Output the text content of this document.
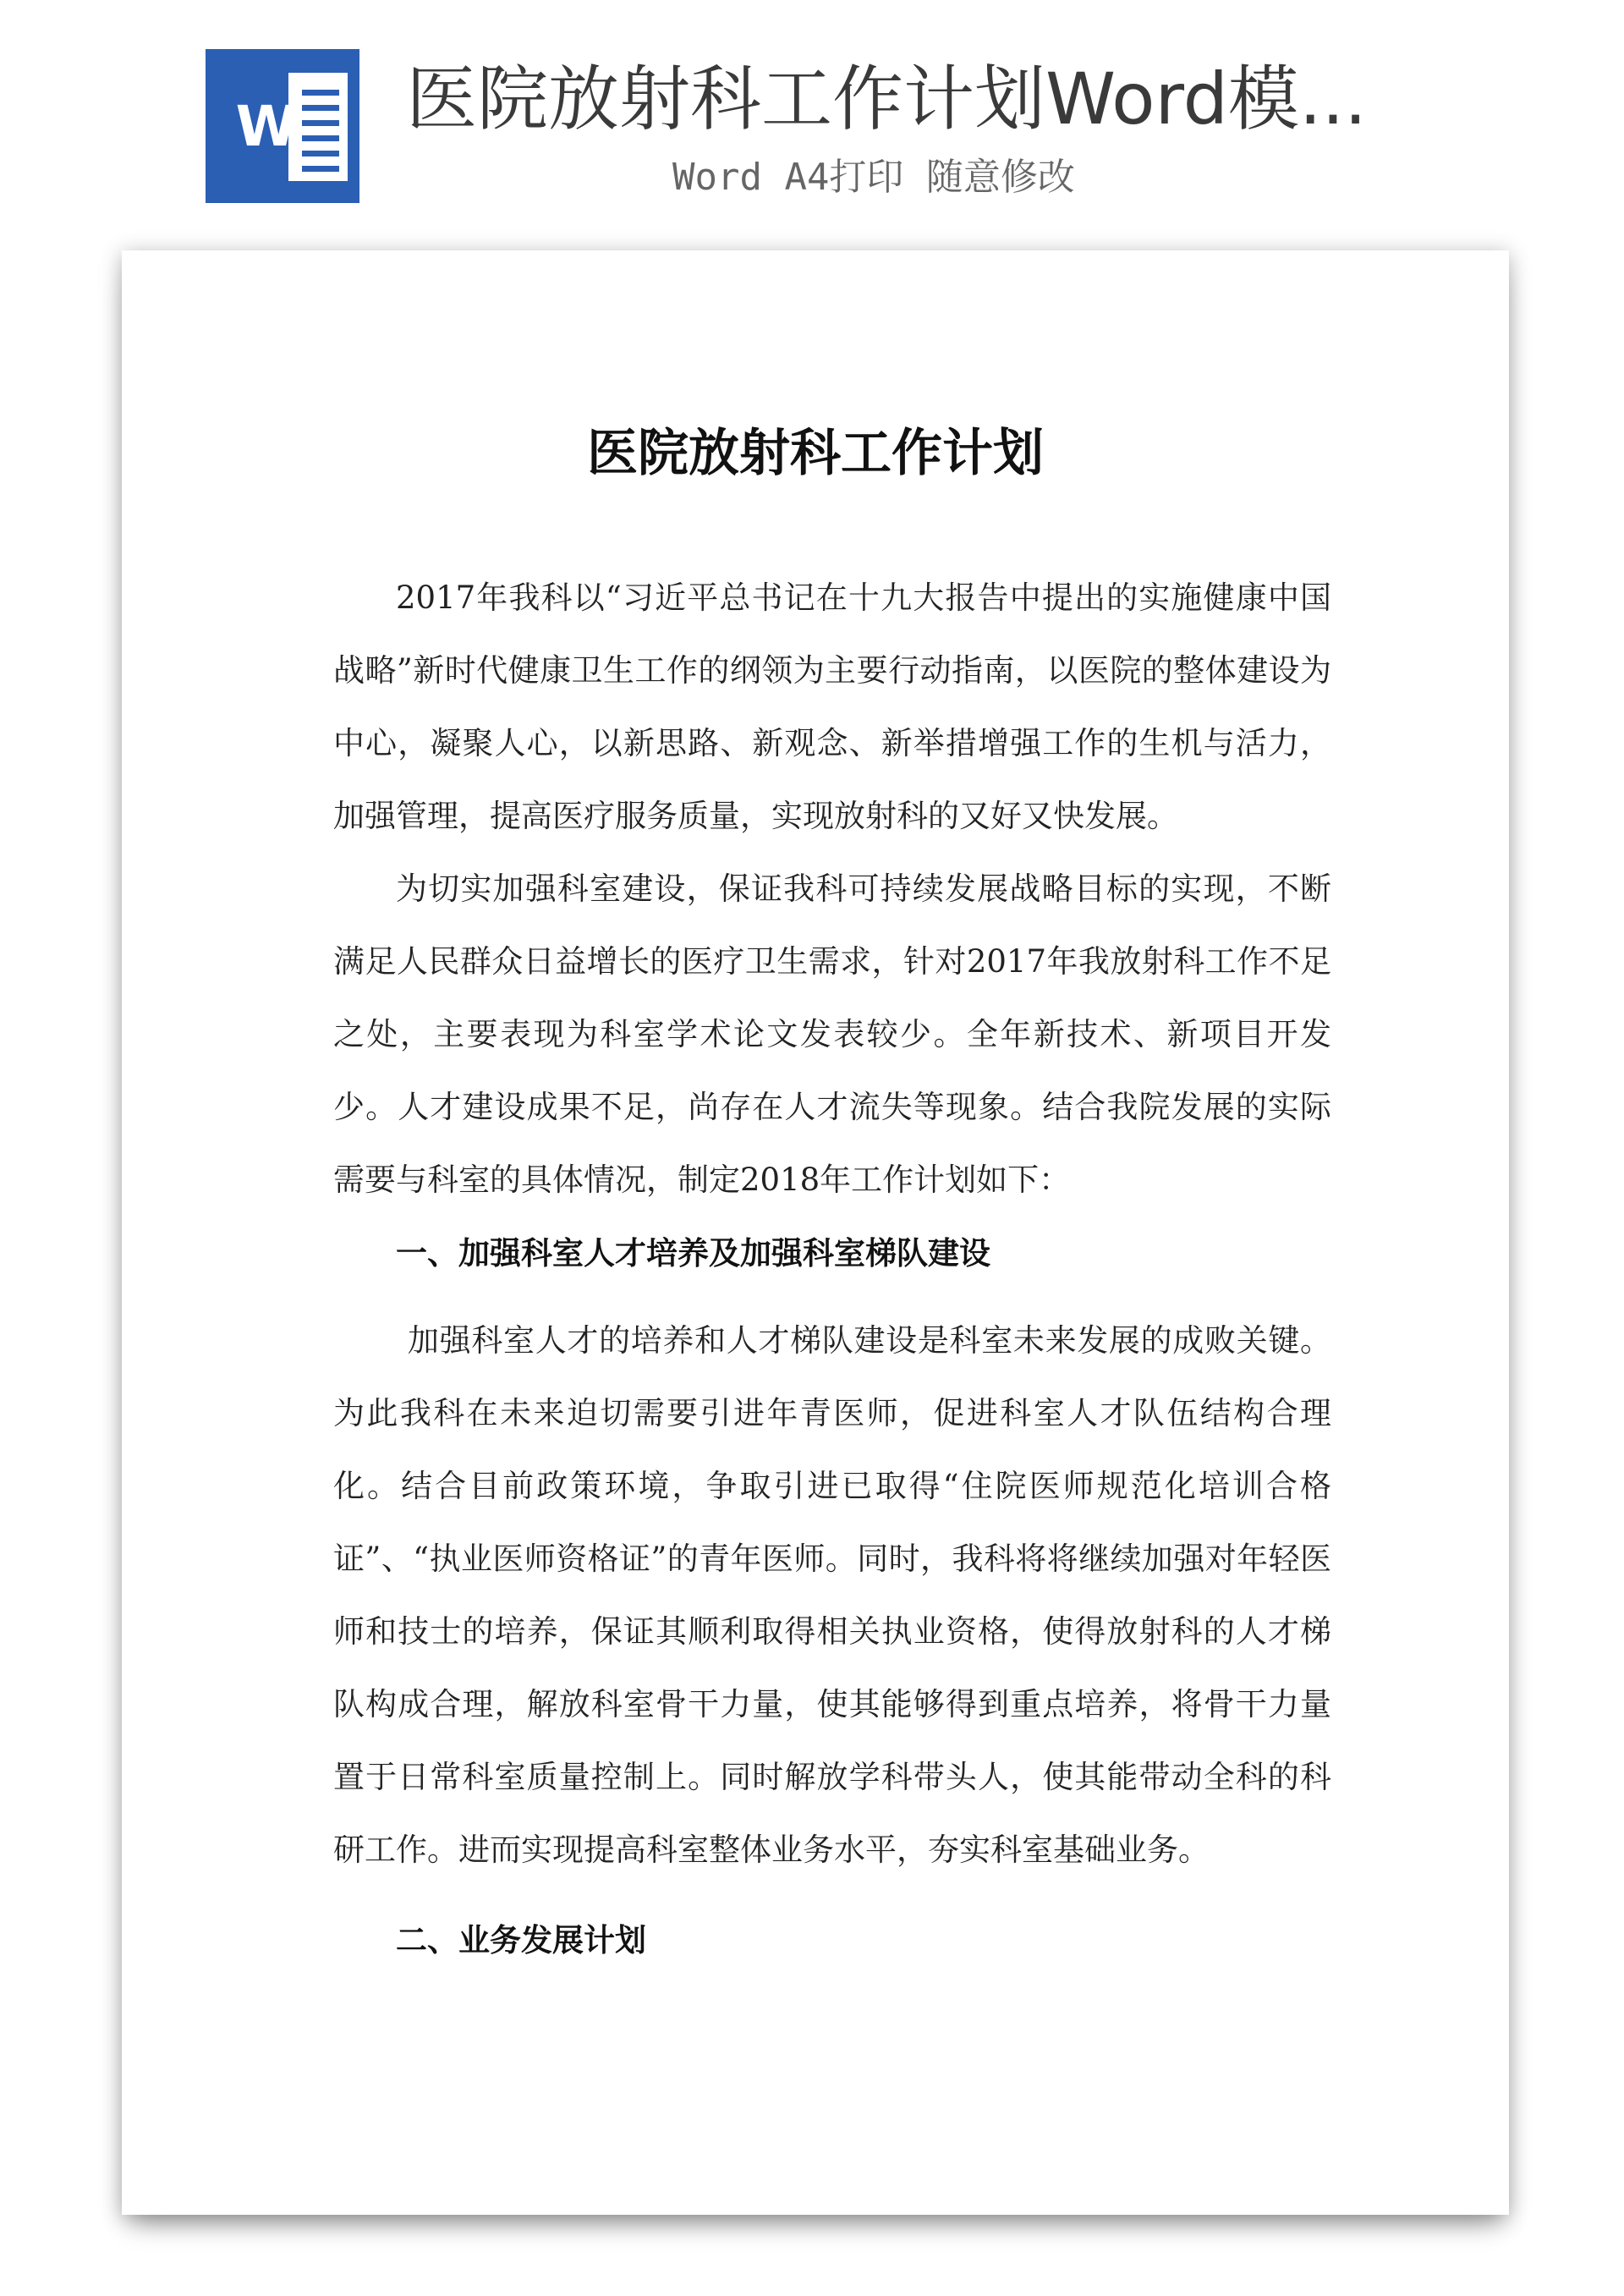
W 医院放射科工作计划Word模...
Word A4打印 随意修改
医院放射科工作计划

2017年我科以“习近平总书记在十九大报告中提出的实施健康中国战略”新时代健康卫生工作的纲领为主要行动指南，以医院的整体建设为中心，凝聚人心，以新思路、新观念、新举措增强工作的生机与活力，加强管理，提高医疗服务质量，实现放射科的又好又快发展。

为切实加强科室建设，保证我科可持续发展战略目标的实现，不断满足人民群众日益增长的医疗卫生需求，针对2017年我放射科工作不足之处，主要表现为科室学术论文发表较少。全年新技术、新项目开发少。人才建设成果不足，尚存在人才流失等现象。结合我院发展的实际需要与科室的具体情况，制定2018年工作计划如下：

一、加强科室人才培养及加强科室梯队建设

加强科室人才的培养和人才梯队建设是科室未来发展的成败关键。为此我科在未来迫切需要引进年青医师，促进科室人才队伍结构合理化。结合目前政策环境，争取引进已取得“住院医师规范化培训合格证”、“执业医师资格证”的青年医师。同时，我科将将继续加强对年轻医师和技士的培养，保证其顺利取得相关执业资格，使得放射科的人才梯队构成合理，解放科室骨干力量，使其能够得到重点培养，将骨干力量置于日常科室质量控制上。同时解放学科带头人，使其能带动全科的科研工作。进而实现提高科室整体业务水平，夯实科室基础业务。

二、业务发展计划
